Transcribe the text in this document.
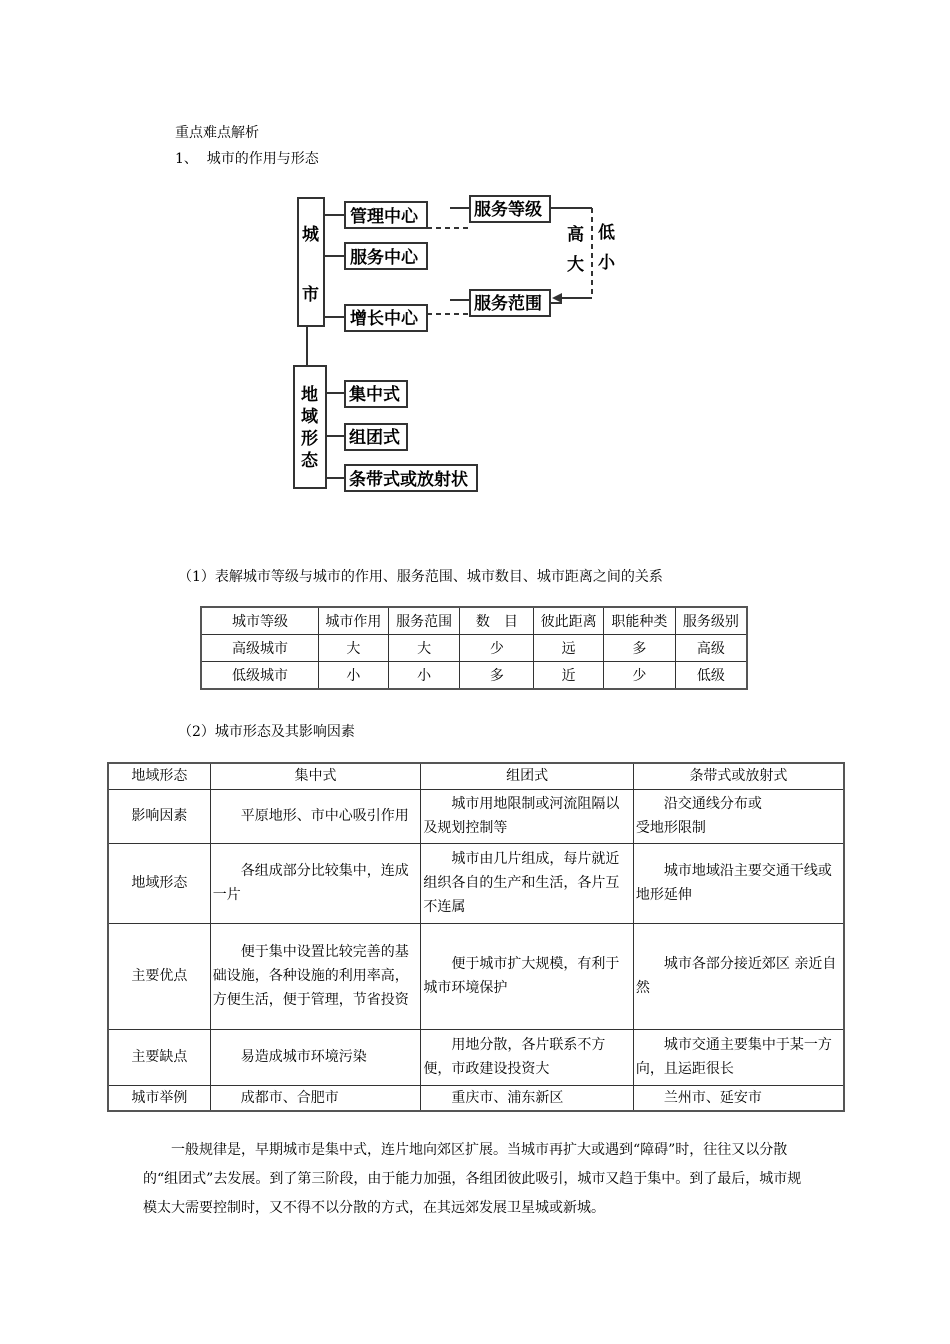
重点难点解析
1、  城市的作用与形态
城
市
管理中心
服务中心
增长中心
服务等级
服务范围
高
大
低
小
地
域
形
态
集中式
组团式
条带式或放射状
（1）表解城市等级与城市的作用、服务范围、城市数目、城市距离之间的关系
城市等级	城市作用	服务范围	数　目	彼此距离	职能种类	服务级别
高级城市	大	大	少	远	多	高级
低级城市	小	小	多	近	少	低级
（2）城市形态及其影响因素
地域形态	集中式	组团式	条带式或放射式
影响因素	平原地形、市中心吸引作用	城市用地限制或河流阻隔以及规划控制等	沿交通线分布或
受地形限制
地域形态	各组成部分比较集中，连成一片	城市由几片组成，每片就近组织各自的生产和生活，各片互不连属	城市地域沿主要交通干线或地形延伸
主要优点	便于集中设置比较完善的基础设施，各种设施的利用率高，方便生活，便于管理，节省投资	便于城市扩大规模，有利于城市环境保护	城市各部分接近郊区 亲近自然
主要缺点	易造成城市环境污染	用地分散，各片联系不方便，市政建设投资大	城市交通主要集中于某一方向，且运距很长
城市举例	成都市、合肥市	重庆市、浦东新区	兰州市、延安市
一般规律是，早期城市是集中式，连片地向郊区扩展。当城市再扩大或遇到“障碍”时，往往又以分散的“组团式”去发展。到了第三阶段，由于能力加强，各组团彼此吸引，城市又趋于集中。到了最后，城市规模太大需要控制时，又不得不以分散的方式，在其远郊发展卫星城或新城。
